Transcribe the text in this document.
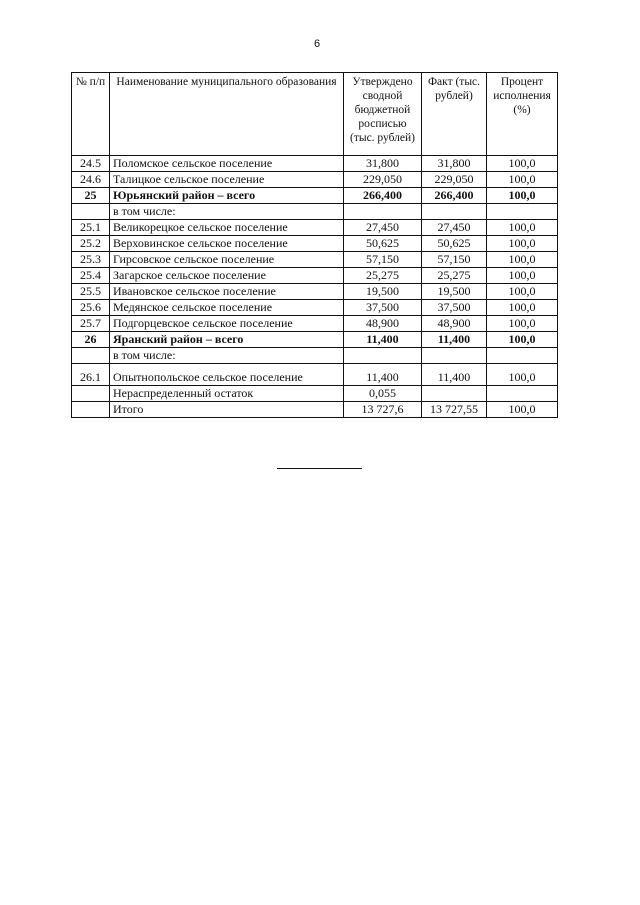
6
№ п/п	Наименование муниципального образования	Утверждено сводной бюджетной росписью (тыс. рублей)	Факт (тыс. рублей)	Процент исполнения (%)
24.5	Поломское сельское поселение	31,800	31,800	100,0
24.6	Талицкое сельское поселение	229,050	229,050	100,0
25	Юрьянский район – всего	266,400	266,400	100,0
	в том числе:			
25.1	Великорецкое сельское поселение	27,450	27,450	100,0
25.2	Верховинское сельское поселение	50,625	50,625	100,0
25.3	Гирсовское сельское поселение	57,150	57,150	100,0
25.4	Загарское сельское поселение	25,275	25,275	100,0
25.5	Ивановское сельское поселение	19,500	19,500	100,0
25.6	Медянское сельское поселение	37,500	37,500	100,0
25.7	Подгорцевское сельское поселение	48,900	48,900	100,0
26	Яранский район – всего	11,400	11,400	100,0
	в том числе:			
26.1	Опытнопольское сельское поселение	11,400	11,400	100,0
	Нераспределенный остаток	0,055		
	Итого	13 727,6	13 727,55	100,0
